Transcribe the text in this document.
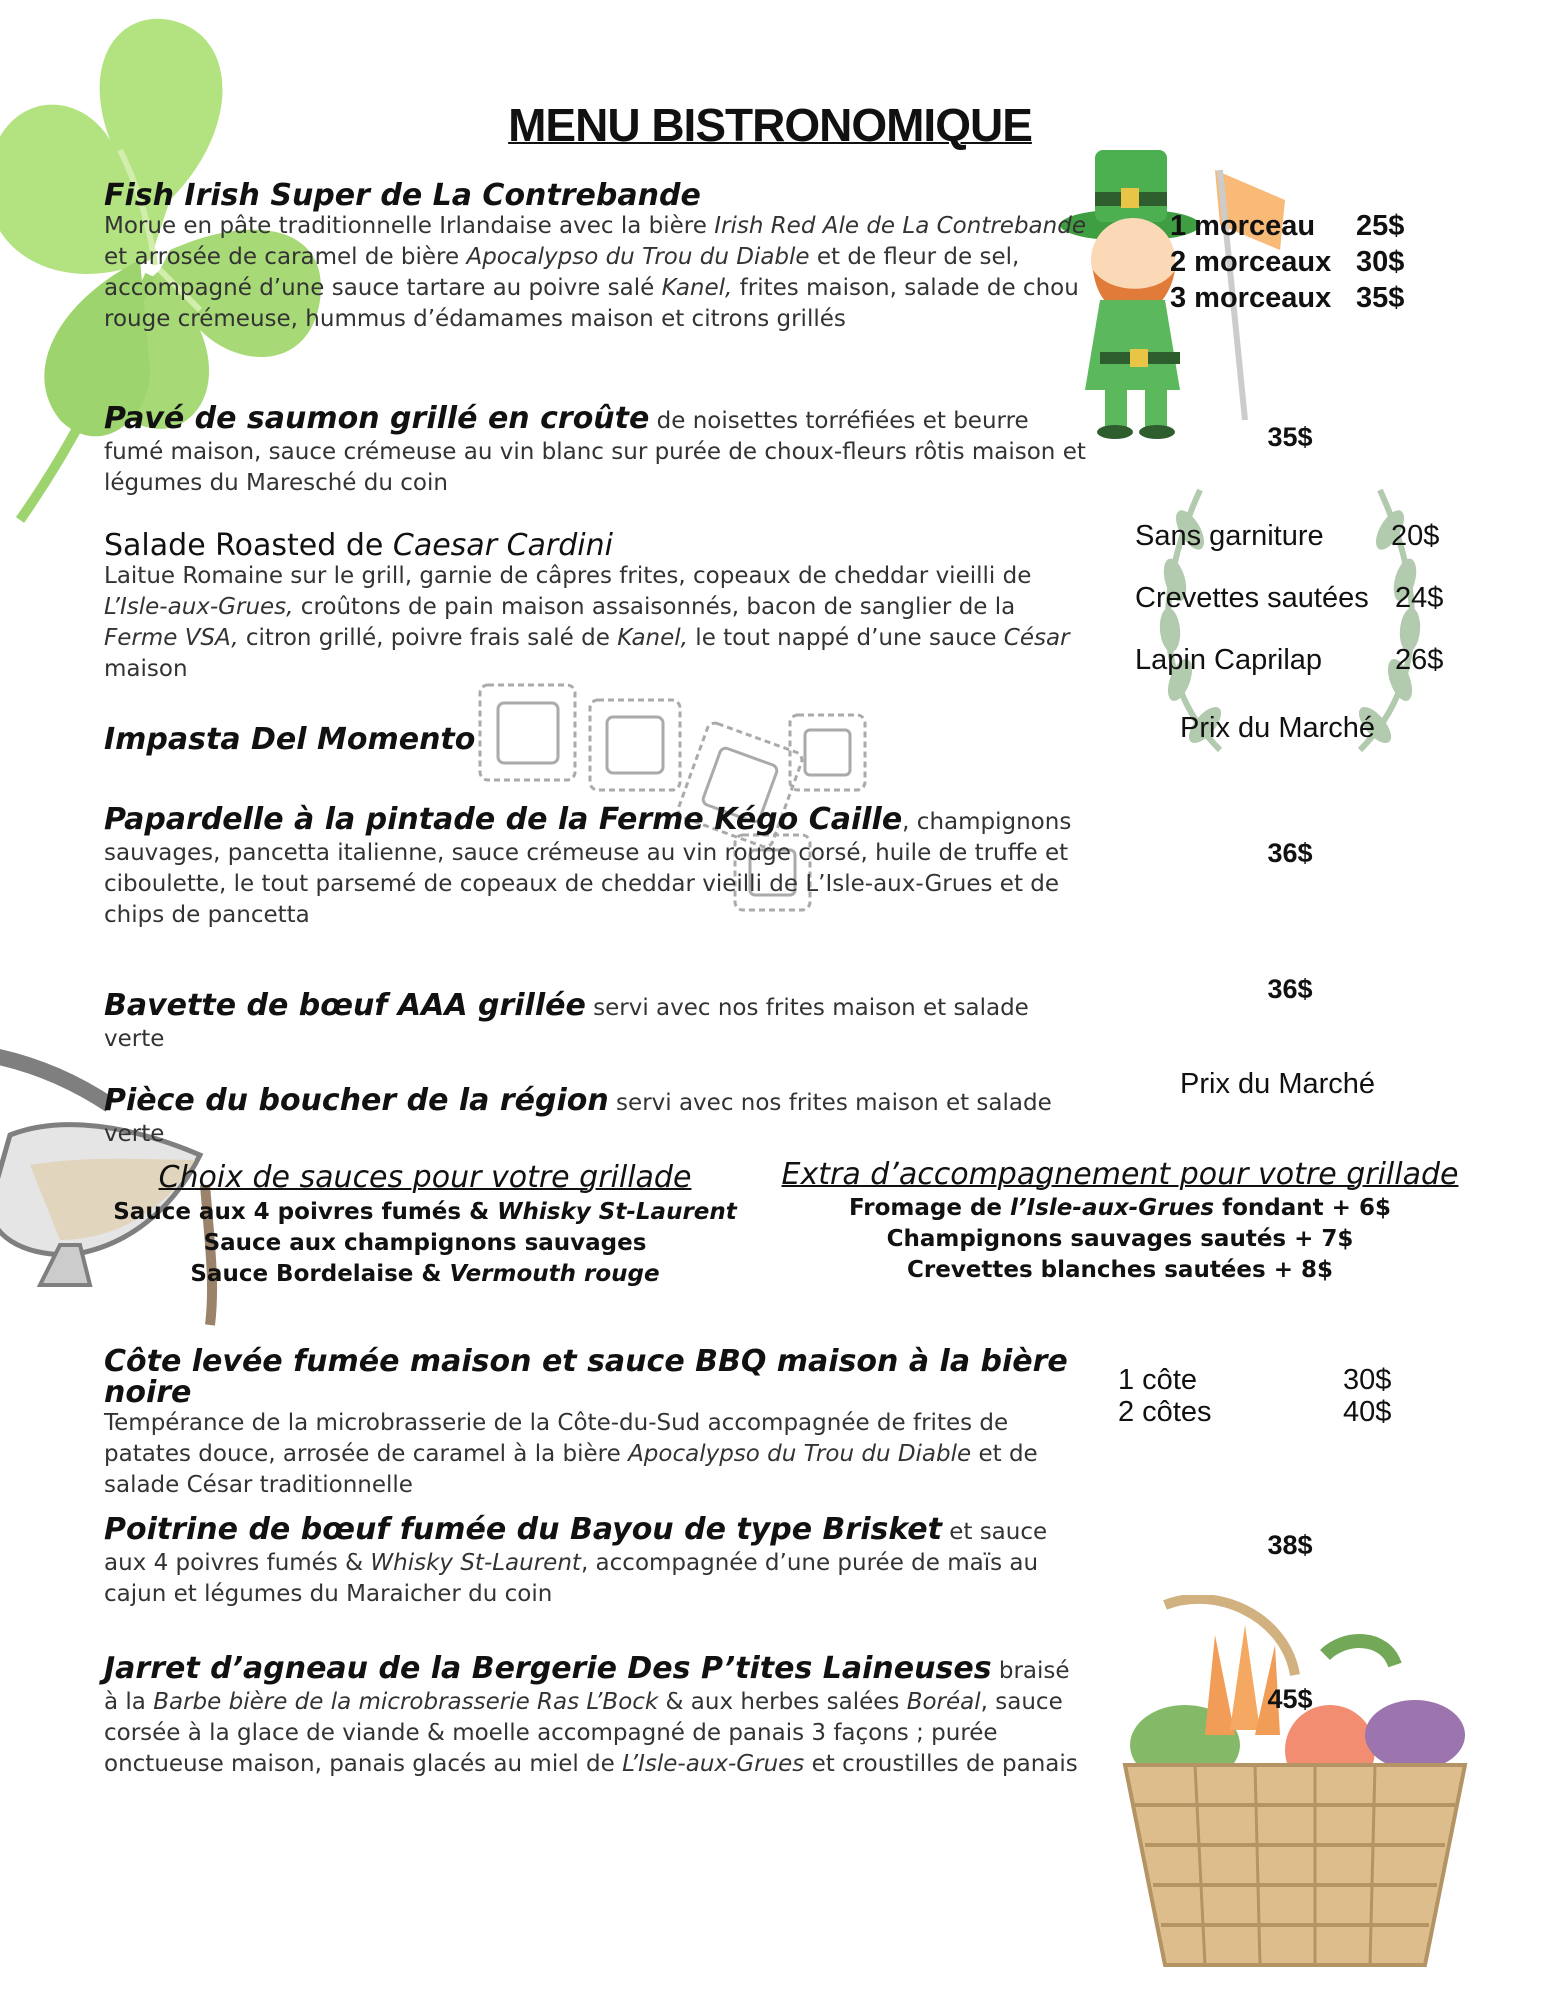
MENU BISTRONOMIQUE
Fish Irish Super de La Contrebande
Morue en pâte traditionnelle Irlandaise avec la bière Irish Red Ale de La Contrebande et arrosée de caramel de bière Apocalypso du Trou du Diable et de fleur de sel, accompagné d’une sauce tartare au poivre salé Kanel, frites maison, salade de chou rouge crémeuse, hummus d’édamames maison et citrons grillés
1 morceau 25$
2 morceaux 30$
3 morceaux 35$
Pavé de saumon grillé en croûte de noisettes torréfiées et beurre fumé maison, sauce crémeuse au vin blanc sur purée de choux-fleurs rôtis maison et légumes du Maresché du coin
35$
Salade Roasted de Caesar Cardini
Laitue Romaine sur le grill, garnie de câpres frites, copeaux de cheddar vieilli de L’Isle-aux-Grues, croûtons de pain maison assaisonnés, bacon de sanglier de la Ferme VSA, citron grillé, poivre frais salé de Kanel, le tout nappé d’une sauce César maison
Sans garniture 20$
Crevettes sautées 24$
Lapin Caprilap	26$
Impasta Del Momento	Prix du Marché
Papardelle à la pintade de la Ferme Kégo Caille, champignons sauvages, pancetta italienne, sauce crémeuse au vin rouge corsé, huile de truffe et ciboulette, le tout parsemé de copeaux de cheddar vieilli de L’Isle-aux-Grues et de chips de pancetta
36$
Bavette de bœuf AAA grillée servi avec nos frites maison et salade verte
36$
Pièce du boucher de la région servi avec nos frites maison et salade verte
Prix du Marché
Choix de sauces pour votre grillade
Sauce aux 4 poivres fumés & Whisky St-Laurent
Sauce aux champignons sauvages
Sauce Bordelaise & Vermouth rouge
Extra d’accompagnement pour votre grillade
Fromage de l’Isle-aux-Grues fondant + 6$
Champignons sauvages sautés + 7$
Crevettes blanches sautées + 8$
Côte levée fumée maison et sauce BBQ maison à la bière noire
Tempérance de la microbrasserie de la Côte-du-Sud accompagnée de frites de patates douce, arrosée de caramel à la bière Apocalypso du Trou du Diable et de salade César traditionnelle
1 côte	30$
2 côtes	40$
Poitrine de bœuf fumée du Bayou de type Brisket et sauce aux 4 poivres fumés & Whisky St-Laurent, accompagnée d’une purée de maïs au cajun et légumes du Maraicher du coin
38$
Jarret d’agneau de la Bergerie Des P’tites Laineuses braisé à la Barbe bière de la microbrasserie Ras L’Bock & aux herbes salées Boréal, sauce corsée à la glace de viande & moelle accompagné de panais 3 façons ; purée onctueuse maison, panais glacés au miel de L’Isle-aux-Grues et croustilles de panais
45$
